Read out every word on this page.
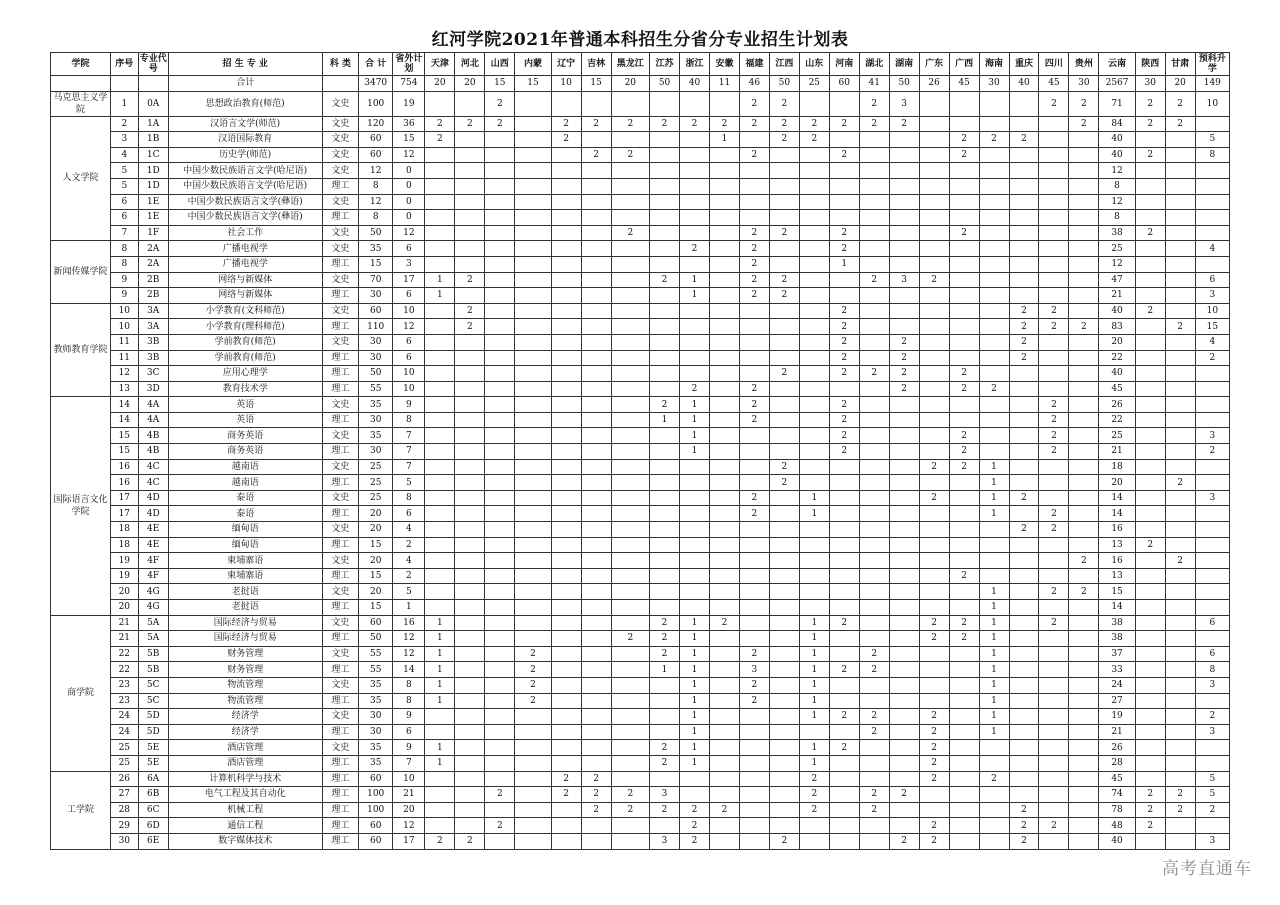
红河学院2021年普通本科招生分省分专业招生计划表
学院	序号	专业代号	招 生 专 业	科 类	合 计	省外计划	天津	河北	山西	内蒙	辽宁	吉林	黑龙江	江苏	浙江	安徽	福建	江西	山东	河南	湖北	湖南	广东	广西	海南	重庆	四川	贵州	云南	陕西	甘肃	预科升学
			合计		3470	754	20	20	15	15	10	15	20	50	40	11	46	50	25	60	41	50	26	45	30	40	45	30	2567	30	20	149
马克思主义学院	1	0A	思想政治教育(师范)	文史	100	19			2								2	2			2	3					2	2	71	2	2	10
人文学院	2	1A	汉语言文学(师范)	文史	120	36	2	2	2		2	2	2	2	2	2	2	2	2	2	2	2						2	84	2	2	
	3	1B	汉语国际教育	文史	60	15	2				2					1		2	2					2	2	2			40			5
	4	1C	历史学(师范)	文史	60	12						2	2				2			2				2					40	2		8
	5	1D	中国少数民族语言文学(哈尼语)	文史	12	0																							12			
	5	1D	中国少数民族语言文学(哈尼语)	理工	8	0																							8			
	6	1E	中国少数民族语言文学(彝语)	文史	12	0																							12			
	6	1E	中国少数民族语言文学(彝语)	理工	8	0																							8			
	7	1F	社会工作	文史	50	12							2				2	2		2				2					38	2		
新闻传媒学院	8	2A	广播电视学	文史	35	6									2		2			2									25			4
	8	2A	广播电视学	理工	15	3											2			1									12			
	9	2B	网络与新媒体	文史	70	17	1	2						2	1		2	2			2	3	2						47			6
	9	2B	网络与新媒体	理工	30	6	1								1		2	2											21			3
教师教育学院	10	3A	小学教育(文科师范)	文史	60	10		2												2						2	2		40	2		10
	10	3A	小学教育(理科师范)	理工	110	12		2												2						2	2	2	83		2	15
	11	3B	学前教育(师范)	文史	30	6														2		2				2			20			4
	11	3B	学前教育(师范)	理工	30	6														2		2				2			22			2
	12	3C	应用心理学	理工	50	10												2		2	2	2		2					40			
	13	3D	教育技术学	理工	55	10									2		2					2		2	2				45			
国际语言文化学院	14	4A	英语	文史	35	9								2	1		2			2							2		26			
	14	4A	英语	理工	30	8								1	1		2			2							2		22			
	15	4B	商务英语	文史	35	7									1					2				2			2		25			3
	15	4B	商务英语	理工	30	7									1					2				2			2		21			2
	16	4C	越南语	文史	25	7												2					2	2	1				18			
	16	4C	越南语	理工	25	5												2							1				20		2	
	17	4D	泰语	文史	25	8											2		1				2		1	2			14			3
	17	4D	泰语	理工	20	6											2		1						1		2		14			
	18	4E	缅甸语	文史	20	4																				2	2		16			
	18	4E	缅甸语	理工	15	2																							13	2		
	19	4F	柬埔寨语	文史	20	4																						2	16		2	
	19	4F	柬埔寨语	理工	15	2																		2					13			
	20	4G	老挝语	文史	20	5																			1		2	2	15			
	20	4G	老挝语	理工	15	1																			1				14			
商学院	21	5A	国际经济与贸易	文史	60	16	1							2	1	2			1	2			2	2	1		2		38			6
	21	5A	国际经济与贸易	理工	50	12	1						2	2	1				1				2	2	1				38			
	22	5B	财务管理	文史	55	12	1			2				2	1		2		1		2				1				37			6
	22	5B	财务管理	理工	55	14	1			2				1	1		3		1	2	2				1				33			8
	23	5C	物流管理	文史	35	8	1			2					1		2		1						1				24			3
	23	5C	物流管理	理工	35	8	1			2					1		2		1						1				27			
	24	5D	经济学	文史	30	9									1				1	2	2		2		1				19			2
	24	5D	经济学	理工	30	6									1						2		2		1				21			3
	25	5E	酒店管理	文史	35	9	1							2	1				1	2			2						26			
	25	5E	酒店管理	理工	35	7	1							2	1				1				2						28			
工学院	26	6A	计算机科学与技术	理工	60	10					2	2							2				2		2				45			5
	27	6B	电气工程及其自动化	理工	100	21			2		2	2	2	3					2		2	2							74	2	2	5
	28	6C	机械工程	理工	100	20						2	2	2	2	2			2		2					2			78	2	2	2
	29	6D	通信工程	理工	60	12			2						2								2			2	2		48	2		
	30	6E	数字媒体技术	理工	60	17	2	2						3	2			2				2	2			2			40			3
高考直通车
